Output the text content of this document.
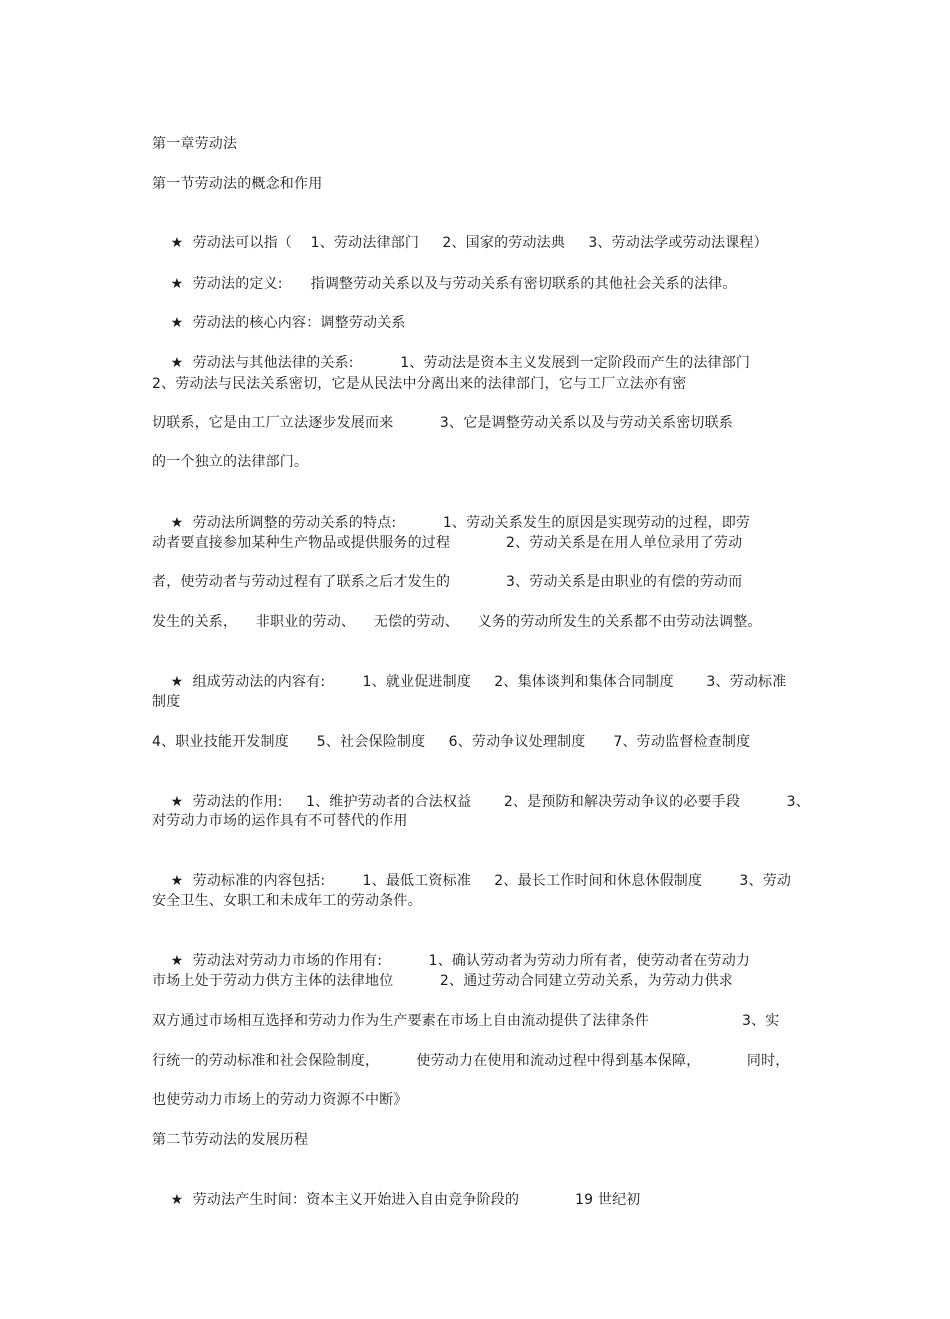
第一章劳动法
第一节劳动法的概念和作用

★ 劳动法可以指（    1、劳动法律部门     2、国家的劳动法典     3、劳动法学或劳动法课程）

★ 劳动法的定义:      指调整劳动关系以及与劳动关系有密切联系的其他社会关系的法律。

★ 劳动法的核心内容：调整劳动关系

★ 劳动法与其他法律的关系:          1、劳动法是资本主义发展到一定阶段而产生的法律部门

2、劳动法与民法关系密切，它是从民法中分离出来的法律部门，它与工厂立法亦有密
切联系，它是由工厂立法逐步发展而来          3、它是调整劳动关系以及与劳动关系密切联系
的一个独立的法律部门。

★ 劳动法所调整的劳动关系的特点:          1、劳动关系发生的原因是实现劳动的过程，即劳

动者要直接参加某种生产物品或提供服务的过程            2、劳动关系是在用人单位录用了劳动
者，使劳动者与劳动过程有了联系之后才发生的            3、劳动关系是由职业的有偿的劳动而
发生的关系，    非职业的劳动、    无偿的劳动、    义务的劳动所发生的关系都不由劳动法调整。

★ 组成劳动法的内容有:        1、就业促进制度     2、集体谈判和集体合同制度       3、劳动标准

制度
4、职业技能开发制度      5、社会保险制度     6、劳动争议处理制度      7、劳动监督检查制度

★ 劳动法的作用:     1、维护劳动者的合法权益       2、是预防和解决劳动争议的必要手段          3、

对劳动力市场的运作具有不可替代的作用

★ 劳动标准的内容包括:        1、最低工资标准     2、最长工作时间和休息休假制度        3、劳动

安全卫生、女职工和未成年工的劳动条件。

★ 劳动法对劳动力市场的作用有:          1、确认劳动者为劳动力所有者，使劳动者在劳动力

市场上处于劳动力供方主体的法律地位          2、通过劳动合同建立劳动关系，为劳动力供求
双方通过市场相互选择和劳动力作为生产要素在市场上自由流动提供了法律条件                    3、实
行统一的劳动标准和社会保险制度，        使劳动力在使用和流动过程中得到基本保障，          同时，
也使劳动力市场上的劳动力资源不中断》
第二节劳动法的发展历程

★ 劳动法产生时间：资本主义开始进入自由竞争阶段的            19 世纪初
